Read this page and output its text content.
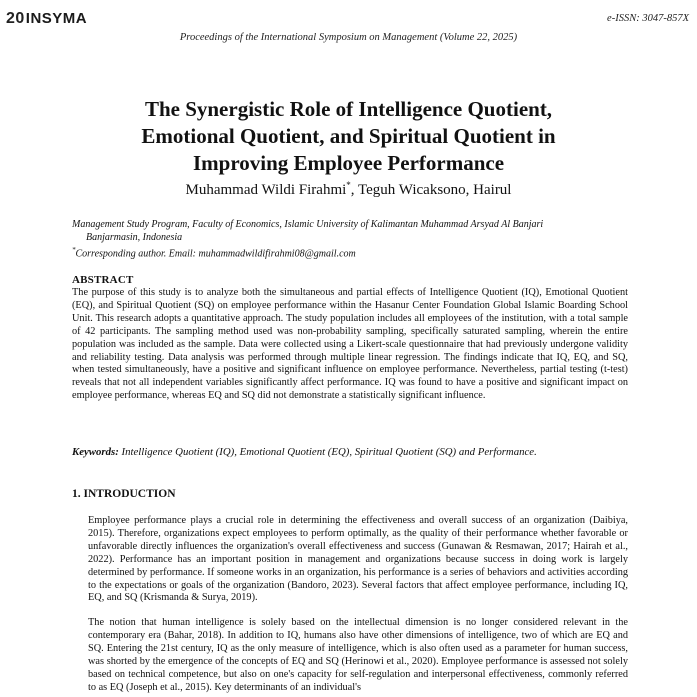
20INSYMA	e-ISSN: 3047-857X
Proceedings of the International Symposium on Management (Volume 22, 2025)
The Synergistic Role of Intelligence Quotient,
Emotional Quotient, and Spiritual Quotient in
Improving Employee Performance
Muhammad Wildi Firahmi*, Teguh Wicaksono, Hairul
Management Study Program, Faculty of Economics, Islamic University of Kalimantan Muhammad Arsyad Al Banjari
Banjarmasin, Indonesia
*Corresponding author. Email: muhammadwildifirahmi08@gmail.com
ABSTRACT
The purpose of this study is to analyze both the simultaneous and partial effects of Intelligence Quotient (IQ), Emotional Quotient (EQ), and Spiritual Quotient (SQ) on employee performance within the Hasanur Center Foundation Global Islamic Boarding School Unit. This research adopts a quantitative approach. The study population includes all employees of the institution, with a total sample of 42 participants. The sampling method used was non-probability sampling, specifically saturated sampling, wherein the entire population was included as the sample. Data were collected using a Likert-scale questionnaire that had previously undergone validity and reliability testing. Data analysis was performed through multiple linear regression. The findings indicate that IQ, EQ, and SQ, when tested simultaneously, have a positive and significant influence on employee performance. Nevertheless, partial testing (t-test) reveals that not all independent variables significantly affect performance. IQ was found to have a positive and significant impact on employee performance, whereas EQ and SQ did not demonstrate a statistically significant influence.
Keywords: Intelligence Quotient (IQ), Emotional Quotient (EQ), Spiritual Quotient (SQ) and Performance.
1. INTRODUCTION
Employee performance plays a crucial role in determining the effectiveness and overall success of an organization (Daibiya, 2015). Therefore, organizations expect employees to perform optimally, as the quality of their performance whether favorable or unfavorable directly influences the organization's overall effectiveness and success (Gunawan & Resmawan, 2017; Hairah et al., 2022). Performance has an important position in management and organizations because success in doing work is largely determined by performance. If someone works in an organization, his performance is a series of behaviors and activities according to the expectations or goals of the organization (Bandoro, 2023). Several factors that affect employee performance, including IQ, EQ, and SQ (Krismanda & Surya, 2019).
The notion that human intelligence is solely based on the intellectual dimension is no longer considered relevant in the contemporary era (Bahar, 2018). In addition to IQ, humans also have other dimensions of intelligence, two of which are EQ and SQ. Entering the 21st century, IQ as the only measure of intelligence, which is also often used as a parameter for human success, was shorted by the emergence of the concepts of EQ and SQ (Herinowi et al., 2020). Employee performance is assessed not solely based on technical competence, but also on one's capacity for self-regulation and interpersonal effectiveness, commonly referred to as EQ (Joseph et al., 2015). Key determinants of an individual's
